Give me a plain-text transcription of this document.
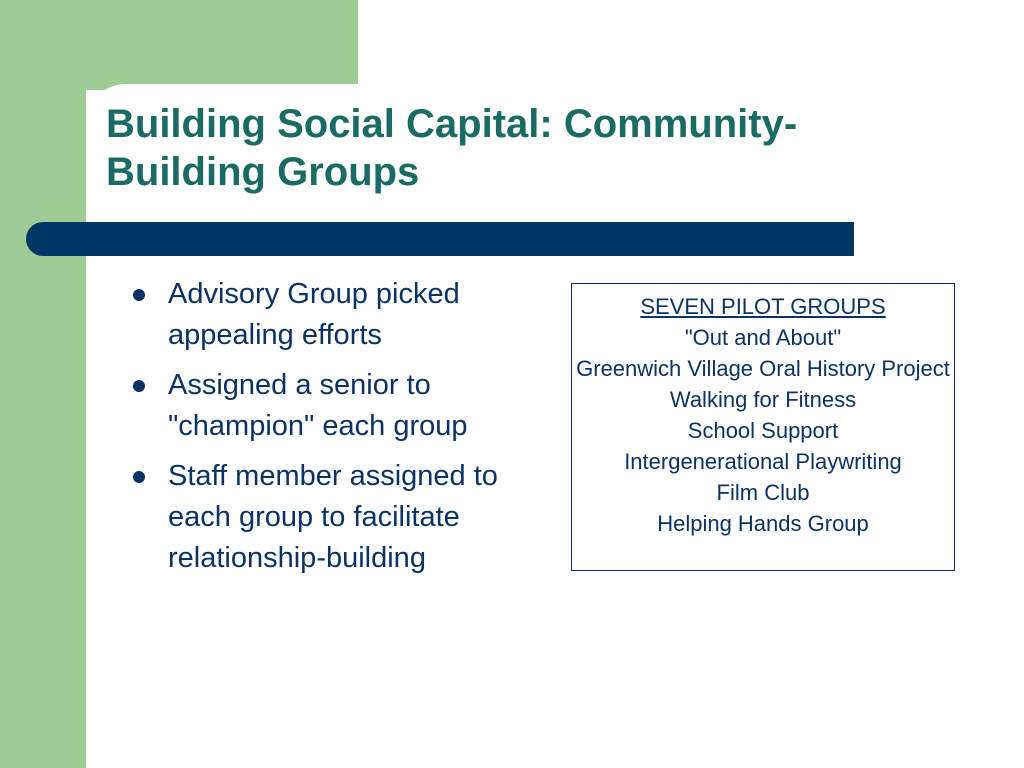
Building Social Capital: Community-
Building Groups
Advisory Group picked appealing efforts
Assigned a senior to "champion" each group
Staff member assigned to each group to facilitate relationship-building
SEVEN PILOT GROUPS
"Out and About"
Greenwich Village Oral History Project
Walking for Fitness
School Support
Intergenerational Playwriting
Film Club
Helping Hands Group
